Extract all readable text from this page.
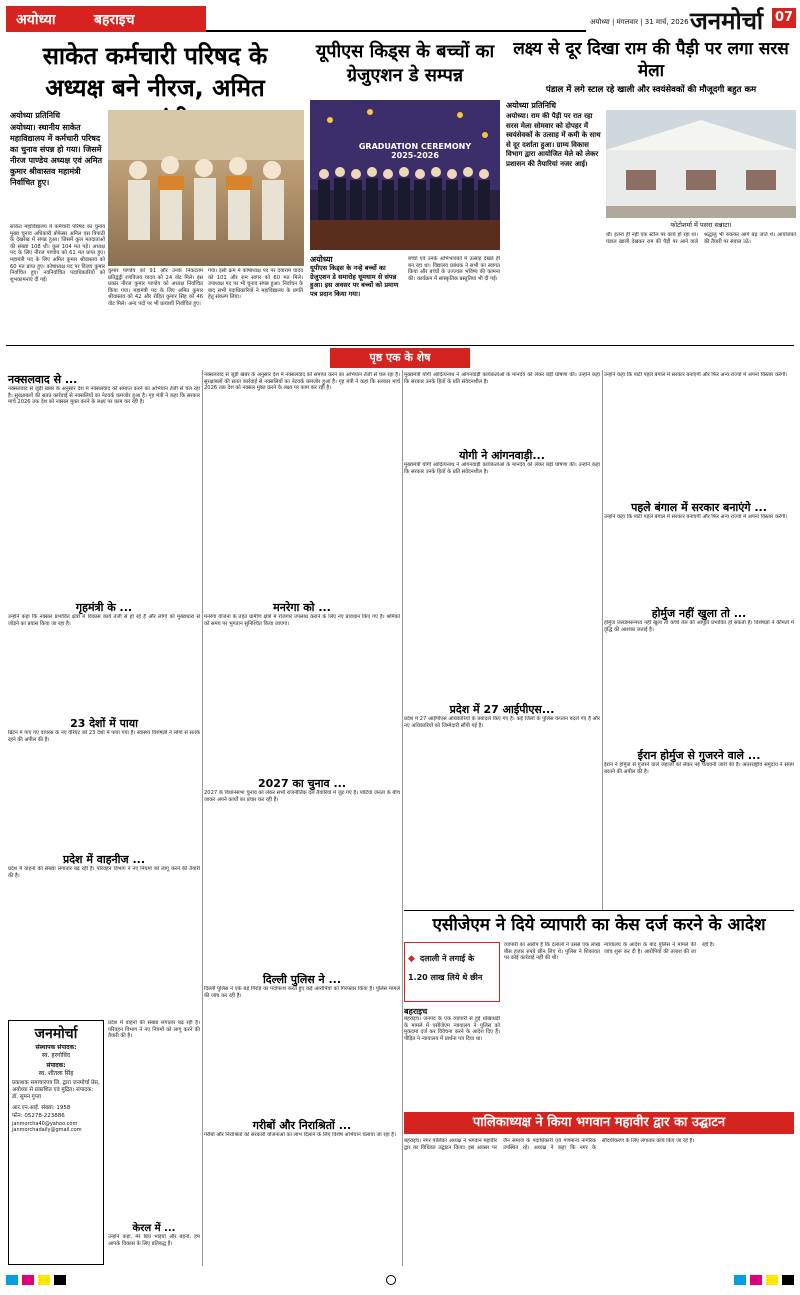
अयोध्या	बहराइच	अयोध्या | मंगलवार | 31 मार्च, 2026 जनमोर्चा 07
साकेत कर्मचारी परिषद के अध्यक्ष बने नीरज, अमित
अयोध्या प्रतिनिधि
अयोध्या। स्थानीय साकेत महाविद्यालय में कर्मचारी परिषद का चुनाव संपन्न हो गया। जिसमें नीरज पाण्डेय अध्यक्ष एवं अमित कुमार श्रीवास्तव महामंत्री निर्वाचित हुए।
साकेत महाविद्यालय में कर्मचारी परिषद का चुनाव मुख्य चुनाव अधिकारी प्रोफेसर अनिल एस त्रिपाठी के देखरेख में संपन्न हुआ। जिसमें कुल मतदाताओं की संख्या 108 थी। कुल 104 मत पड़े। अध्यक्ष पद के लिए नीरज पाण्डेय को 61 मत प्राप्त हुए। महामंत्री पद के लिए अमित कुमार श्रीवास्तव को 60 मत प्राप्त हुए। कोषाध्यक्ष पद पर विजय कुमार निर्वाचित हुए। नवनिर्वाचित पदाधिकारियों को शुभकामनाएं दी गईं।
कुमार पाण्डेय को 91 और उनके निकटतम प्रतिद्वंद्वी रणविजय यादव को 24 वोट मिले। इस प्रकार नीरज कुमार पाण्डेय को अध्यक्ष निर्वाचित किया गया। महामंत्री पद के लिए अमित कुमार श्रीवास्तव को 42 और रोहित कुमार सिंह को 46 वोट मिले। अन्य पदों पर भी प्रत्याशी निर्वाचित हुए।
गया। इसी क्रम में कोषाध्यक्ष पद पर दयाराम यादव को 101 और राम सागर को 60 मत मिले। उपाध्यक्ष पद पर भी चुनाव संपन्न हुआ। निर्वाचन के बाद सभी पदाधिकारियों ने महाविद्यालय के प्रगति हेतु संकल्प लिया।
यूपीएस किड्स के बच्चों का ग्रेजुएशन डे सम्पन्न
GRADUATION CEREMONY 2025-2026
अयोध्या
यूपीएस किड्स के नन्हे बच्चों का ग्रेजुएशन डे समारोह धूमधाम से संपन्न हुआ। इस अवसर पर बच्चों को प्रमाण पत्र प्रदान किया गया।
बच्चों एवं उनके अभिभावकों में उत्साह देखते ही बन रहा था। विद्यालय प्रबंधक ने सभी का स्वागत किया और बच्चों के उज्ज्वल भविष्य की कामना की। कार्यक्रम में सांस्कृतिक प्रस्तुतियां भी दी गईं।
लक्ष्य से दूर दिखा राम की पैड़ी पर लगा सरस मेला
पंडाल में लगे स्टाल रहे खाली और स्वयंसेवकों की मौजूदगी बहुत कम
अयोध्या प्रतिनिधि
अयोध्या। राम की पैड़ी पर रात रहा सरस मेला सोमवार को दोपहर में स्वयंसेवकों के उत्साह में कमी के साथ से दूर दर्शाता हुआ। ग्राम्य विकास विभाग द्वारा आयोजित मेले को लेकर प्रशासन की तैयारियां नजर आई।
फोटोशर्मा में पसरा सन्नाटा।
धौ। इतना ही नहीं एक स्टॉल पर कार्य हो रहा था। पंडाल खाली देखकर राम की पैड़ी पर आने वाले श्रद्धालु भी रुककर आगे बढ़ जाते थे। आयोजकों की तैयारी पर सवाल उठे।
पृष्ठ एक के शेष
नक्सलवाद से ...
नक्सलवाद से जुड़ी खबर के अनुसार देश में नक्सलवाद को समाप्त करने का अभियान तेजी से चल रहा है। सुरक्षाबलों की सतत कार्रवाई से नक्सलियों का नेटवर्क कमजोर हुआ है। गृह मंत्री ने कहा कि सरकार मार्च 2026 तक देश को नक्सल मुक्त करने के लक्ष्य पर काम कर रही है।
गृहमंत्री के ...
उन्होंने कहा कि नक्सल प्रभावित क्षेत्रों में विकास कार्य तेजी से हो रहे हैं और लोगों को मुख्यधारा से जोड़ने का प्रयास किया जा रहा है।
23 देशों में पाया
ब्रिटेन में पाए गए वायरस के नए वेरिएंट को 23 देशों में पाया गया है। स्वास्थ्य विशेषज्ञों ने लोगों से सतर्क रहने की अपील की है।
प्रदेश में वाहनीज ...
प्रदेश में वाहनों की संख्या लगातार बढ़ रही है। परिवहन विभाग ने नए नियमों को लागू करने की तैयारी की है।
जनमोर्चा
संस्थापक संपादक:
स्व. हरगोविंद
संपादक:
स्व. शीतला सिंह
प्रकाशक समाचारपत्र लि. द्वारा जनमोर्चा प्रेस, अयोध्या से प्रकाशित एवं मुद्रित। संपादक: डॉ. सुमन गुप्ता
आर.एन.आई. संख्या: 1958
फोन: 05278-223886
janmorcha40@yahoo.com
janmorchadaily@gmail.com
केरल में ...
उन्होंने कहा, मेरे प्रिय भाइयों और बहनों, हम आपके विकास के लिए प्रतिबद्ध हैं।
प्रदेश में वाहनों की संख्या लगातार बढ़ रही है। परिवहन विभाग ने नए नियमों को लागू करने की तैयारी की है।
नक्सलवाद से जुड़ी खबर के अनुसार देश में नक्सलवाद को समाप्त करने का अभियान तेजी से चल रहा है। सुरक्षाबलों की सतत कार्रवाई से नक्सलियों का नेटवर्क कमजोर हुआ है। गृह मंत्री ने कहा कि सरकार मार्च 2026 तक देश को नक्सल मुक्त करने के लक्ष्य पर काम कर रही है।
मनरेगा को ...
मनरेगा योजना के तहत ग्रामीण क्षेत्रों में रोजगार उपलब्ध कराने के लिए नए प्रावधान किए गए हैं। श्रमिकों को समय पर भुगतान सुनिश्चित किया जाएगा।
2027 का चुनाव ...
2027 के विधानसभा चुनाव को लेकर सभी राजनीतिक दल तैयारियों में जुट गए हैं। पार्टियां जनता के बीच जाकर अपने कार्यों का प्रचार कर रही हैं।
दिल्ली पुलिस ने ...
दिल्ली पुलिस ने एक बड़े गिरोह का पर्दाफाश करते हुए कई आरोपियों को गिरफ्तार किया है। पुलिस मामले की जांच कर रही है।
गरीबों और निराश्रितों ...
गरीबों और निराश्रितों को सरकारी योजनाओं का लाभ दिलाने के लिए विशेष अभियान चलाया जा रहा है।
मुख्यमंत्री योगी आदित्यनाथ ने आंगनवाड़ी कार्यकर्ताओं के मानदेय को लेकर बड़ी घोषणा की। उन्होंने कहा कि सरकार उनके हितों के प्रति संवेदनशील है।
योगी ने आंगनवाड़ी...
मुख्यमंत्री योगी आदित्यनाथ ने आंगनवाड़ी कार्यकर्ताओं के मानदेय को लेकर बड़ी घोषणा की। उन्होंने कहा कि सरकार उनके हितों के प्रति संवेदनशील है।
प्रदेश में 27 आईपीएस...
प्रदेश में 27 आईपीएस अधिकारियों के तबादले किए गए हैं। कई जिलों के पुलिस कप्तान बदले गए हैं और नए अधिकारियों को जिम्मेदारी सौंपी गई है।
उन्होंने कहा कि पार्टी पहले बंगाल में सरकार बनाएगी और फिर अन्य राज्यों में अपना विस्तार करेगी।
पहले बंगाल में सरकार बनाएंगे ...
उन्होंने कहा कि पार्टी पहले बंगाल में सरकार बनाएगी और फिर अन्य राज्यों में अपना विस्तार करेगी।
होर्मुज नहीं खुला तो ...
होर्मुज जलडमरूमध्य नहीं खुला तो कच्चे तेल की आपूर्ति प्रभावित हो सकती है। विशेषज्ञों ने कीमतों में वृद्धि की आशंका जताई है।
ईरान होर्मुज से गुजरने वाले ...
ईरान ने होर्मुज से गुजरने वाले जहाजों को लेकर नई चेतावनी जारी की है। अंतरराष्ट्रीय समुदाय ने संयम बरतने की अपील की है।
एसीजेएम ने दिये व्यापारी का केस दर्ज करने के आदेश
◆ दलाली ने लगाई के 1.20 लाख लिये थे छीन
बहराइच
बहराइच। जनपद के एक व्यापारी से हुई धोखाधड़ी के मामले में एसीजेएम न्यायालय ने पुलिस को मुकदमा दर्ज कर विवेचना करने के आदेश दिए हैं। पीड़ित ने न्यायालय में प्रार्थना पत्र दिया था।
व्यापारी का आरोप है कि दलालों ने उससे एक लाख बीस हजार रुपये छीन लिए थे। पुलिस ने शिकायत पर कोई कार्रवाई नहीं की थी।
न्यायालय के आदेश के बाद पुलिस ने मामले की जांच शुरू कर दी है। आरोपियों की तलाश की जा रही है।
पालिकाध्यक्ष ने किया भगवान महावीर द्वार का उद्घाटन
बहराइच। नगर पालिका अध्यक्ष ने भगवान महावीर द्वार का विधिवत उद्घाटन किया। इस अवसर पर जैन समाज के पदाधिकारी एवं गणमान्य नागरिक उपस्थित रहे। अध्यक्ष ने कहा कि नगर के सौंदर्यीकरण के लिए लगातार कार्य किए जा रहे हैं।
